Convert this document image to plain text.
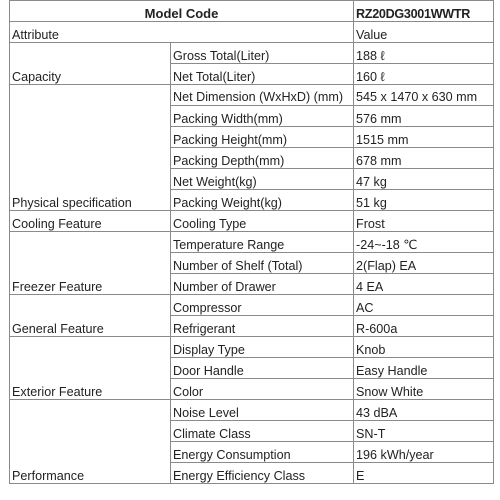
Model Code		RZ20DG3001WWTR
Attribute		Value
Capacity	Gross Total(Liter)	188 ℓ
	Net Total(Liter)	160 ℓ
Physical specification	Net Dimension (WxHxD) (mm)	545 x 1470 x 630 mm
	Packing Width(mm)	576 mm
	Packing Height(mm)	1515 mm
	Packing Depth(mm)	678 mm
	Net Weight(kg)	47 kg
	Packing Weight(kg)	51 kg
Cooling Feature	Cooling Type	Frost
Freezer Feature	Temperature Range	-24~-18 ℃
	Number of Shelf (Total)	2(Flap) EA
	Number of Drawer	4 EA
General Feature	Compressor	AC
	Refrigerant	R-600a
Exterior Feature	Display Type	Knob
	Door Handle	Easy Handle
	Color	Snow White
Performance	Noise Level	43 dBA
	Climate Class	SN-T
	Energy Consumption	196 kWh/year
	Energy Efficiency Class	E
